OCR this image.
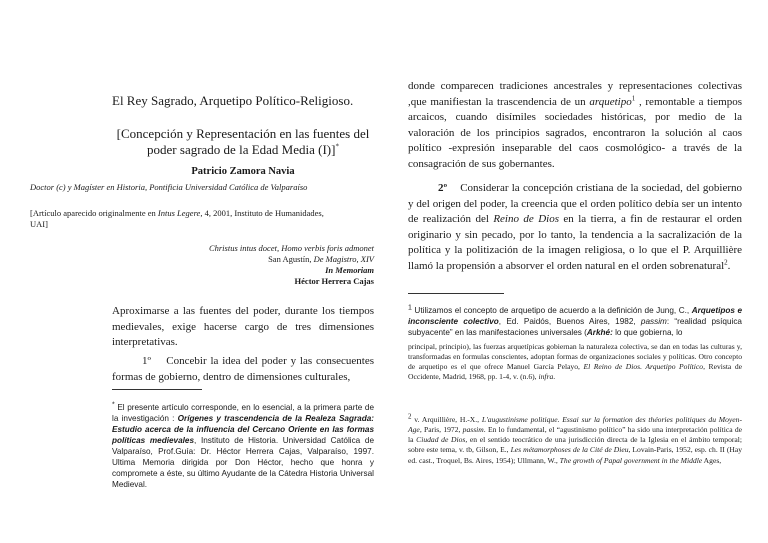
El Rey Sagrado, Arquetipo Político-Religioso.
[Concepción y Representación en las fuentes del poder sagrado de la Edad Media (I)]*

Patricio Zamora Navia

Doctor (c) y Magíster en Historia, Pontificia Universidad Católica de Valparaíso

[Artículo aparecido originalmente en Intus Legere, 4, 2001, Instituto de Humanidades, UAI]

Christus intus docet, Homo verbis foris admonet
San Agustín, De Magistro, XIV
In Memoriam
Héctor Herrera Cajas

Aproximarse a las fuentes del poder, durante los tiempos medievales, exige hacerse cargo de tres dimensiones interpretativas.

1º Concebir la idea del poder y las consecuentes formas de gobierno, dentro de dimensiones culturales,

* El presente artículo corresponde, en lo esencial, a la primera parte de la investigación : Orígenes y trascendencia de la Realeza Sagrada: Estudio acerca de la influencia del Cercano Oriente en las formas políticas medievales, Instituto de Historia. Universidad Católica de Valparaíso, Prof.Guía: Dr. Héctor Herrera Cajas, Valparaíso, 1997. Ultima Memoria dirigida por Don Héctor, hecho que honra y compromete a éste, su último Ayudante de la Cátedra Historia Universal Medieval.

donde comparecen tradiciones ancestrales y representaciones colectivas ,que manifiestan la trascendencia de un arquetipo$^1$ , remontable a tiempos arcaicos, cuando disímiles sociedades históricas, por medio de la valoración de los principios sagrados, encontraron la solución al caos político -expresión inseparable del caos cosmológico- a través de la consagración de sus gobernantes.

2º Considerar la concepción cristiana de la sociedad, del gobierno y del origen del poder, la creencia que el orden político debía ser un intento de realización del Reino de Dios en la tierra, a fin de restaurar el orden originario y sin pecado, por lo tanto, la tendencia a la sacralización de la política y la politización de la imagen religiosa, o lo que el P. Arquillière llamó la propensión a absorver el orden natural en el orden sobrenatural$^2$.

$^1$ Utilizamos el concepto de arquetipo de acuerdo a la definición de Jung, C., Arquetipos e inconsciente colectivo, Ed. Paidós, Buenos Aires, 1982, passim: “realidad psíquica subyacente” en las manifestaciones universales (Arkhé: lo que gobierna, lo

principal, principio), las fuerzas arquetípicas gobiernan la naturaleza colectiva, se dan en todas las culturas y, transformadas en formulas conscientes, adoptan formas de organizaciones sociales y políticas. Otro concepto de arquetipo es el que ofrece Manuel García Pelayo, El Reino de Dios. Arquetipo Político, Revista de Occidente, Madrid, 1968, pp. 1-4, v. (n.6), infra.

$^2$ v. Arquillière, H.-X., L'augustinisme politique. Essai sur la formation des théories politiques du Moyen-Age, Paris, 1972, passim. En lo fundamental, el “agustinismo político” ha sido una interpretación política de la Ciudad de Dios, en el sentido teocrático de una jurisdicción directa de la Iglesia en el ámbito temporal; sobre este tema, v. tb, Gilson, E., Les métamorphoses de la Cité de Dieu, Lovain-Paris, 1952, esp. ch. II (Hay ed. cast., Troquel, Bs. Aires, 1954); Ullmann, W., The growth of Papal government in the Middle Ages,
